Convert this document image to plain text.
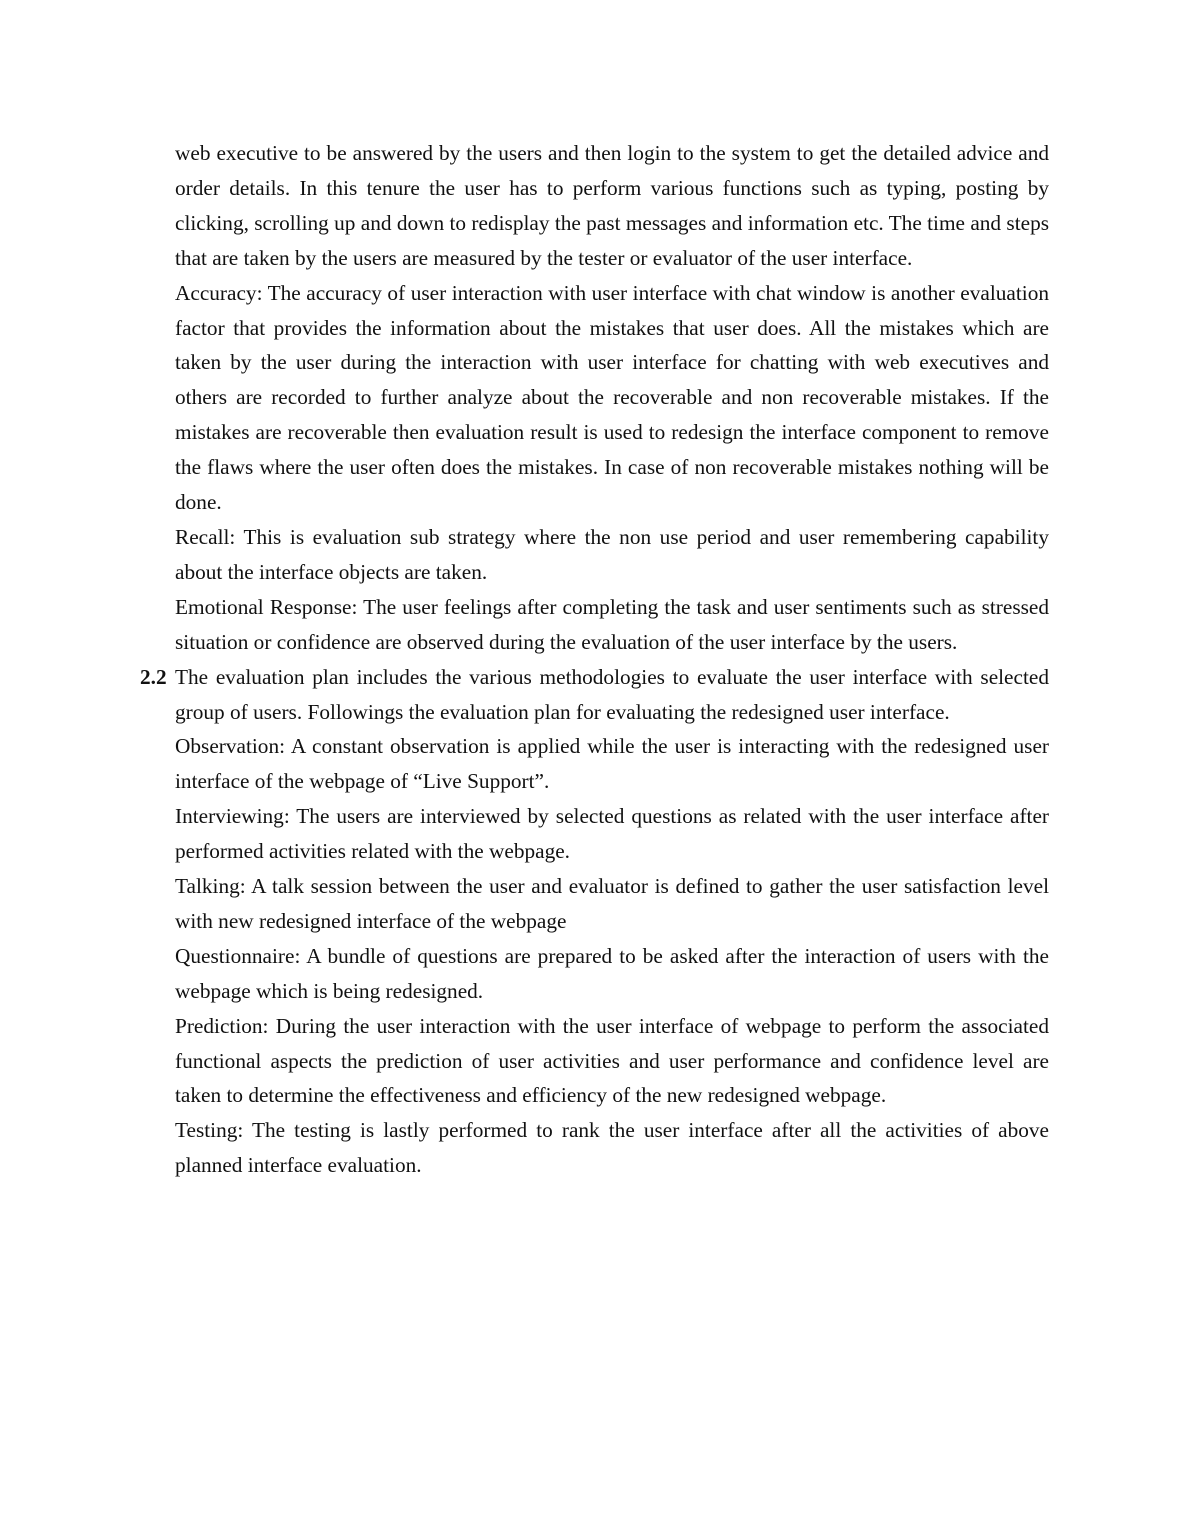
web executive to be answered by the users and then login to the system to get the detailed advice and order details. In this tenure the user has to perform various functions such as typing, posting by clicking, scrolling up and down to redisplay the past messages and information etc. The time and steps that are taken by the users are measured by the tester or evaluator of the user interface.

Accuracy: The accuracy of user interaction with user interface with chat window is another evaluation factor that provides the information about the mistakes that user does. All the mistakes which are taken by the user during the interaction with user interface for chatting with web executives and others are recorded to further analyze about the recoverable and non recoverable mistakes. If the mistakes are recoverable then evaluation result is used to redesign the interface component to remove the flaws where the user often does the mistakes. In case of non recoverable mistakes nothing will be done.

Recall: This is evaluation sub strategy where the non use period and user remembering capability about the interface objects are taken.

Emotional Response: The user feelings after completing the task and user sentiments such as stressed situation or confidence are observed during the evaluation of the user interface by the users.

2.2 The evaluation plan includes the various methodologies to evaluate the user interface with selected group of users. Followings the evaluation plan for evaluating the redesigned user interface.

Observation: A constant observation is applied while the user is interacting with the redesigned user interface of the webpage of “Live Support”.

Interviewing: The users are interviewed by selected questions as related with the user interface after performed activities related with the webpage.

Talking: A talk session between the user and evaluator is defined to gather the user satisfaction level with new redesigned interface of the webpage

Questionnaire: A bundle of questions are prepared to be asked after the interaction of users with the webpage which is being redesigned.

Prediction: During the user interaction with the user interface of webpage to perform the associated functional aspects the prediction of user activities and user performance and confidence level are taken to determine the effectiveness and efficiency of the new redesigned webpage.

Testing: The testing is lastly performed to rank the user interface after all the activities of above planned interface evaluation.
